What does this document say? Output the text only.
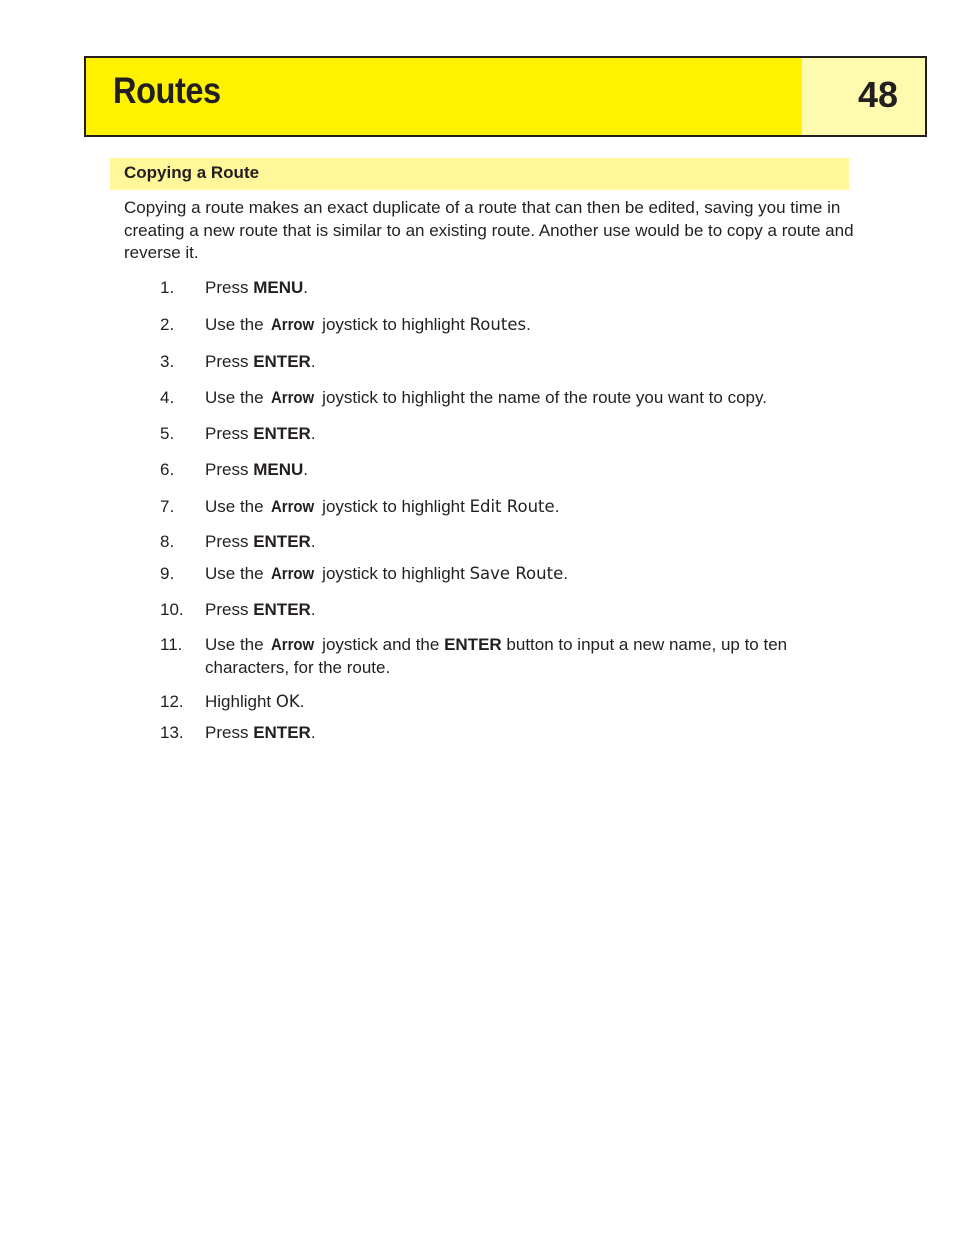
Routes	48
Copying a Route
Copying a route makes an exact duplicate of a route that can then be edited, saving you time in creating a new route that is similar to an existing route. Another use would be to copy a route and reverse it.
1. Press MENU.
2. Use the Arrow joystick to highlight Routes.
3. Press ENTER.
4. Use the Arrow joystick to highlight the name of the route you want to copy.
5. Press ENTER.
6. Press MENU.
7. Use the Arrow joystick to highlight Edit Route.
8. Press ENTER.
9. Use the Arrow joystick to highlight Save Route.
10. Press ENTER.
11. Use the Arrow joystick and the ENTER button to input a new name, up to ten characters, for the route.
12. Highlight OK.
13. Press ENTER.
